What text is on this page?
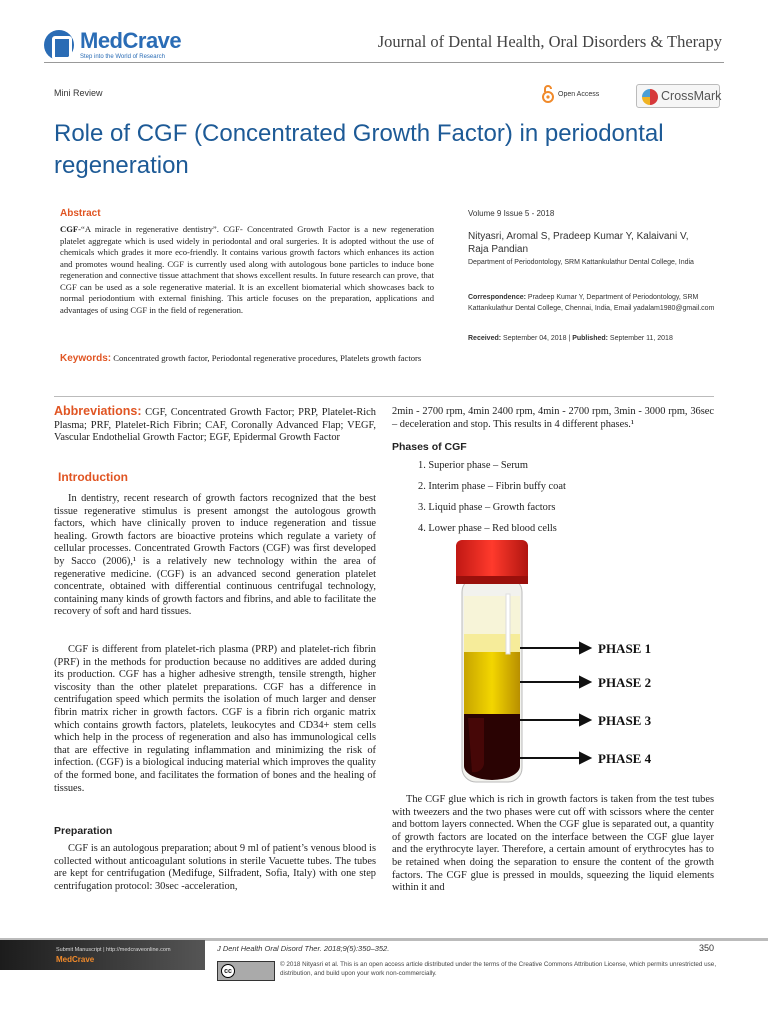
MedCrave
Step into the World of Research
Journal of Dental Health, Oral Disorders & Therapy
Mini Review	Open Access	CrossMark
Role of CGF (Concentrated Growth Factor) in periodontal regeneration
Abstract
CGF-“A miracle in regenerative dentistry”. CGF- Concentrated Growth Factor is a new regeneration platelet aggregate which is used widely in periodontal and oral surgeries. It is adopted without the use of chemicals which grades it more eco-friendly. It contains various growth factors which enhances its action and promotes wound healing. CGF is currently used along with autologous bone particles to induce bone regeneration and connective tissue attachment that shows excellent results. In future research can prove, that CGF can be used as a sole regenerative material. It is an excellent biomaterial which showcases back to normal periodontium with external finishing. This article focuses on the preparation, applications and advantages of using CGF in the field of regeneration.
Keywords: Concentrated growth factor, Periodontal regenerative procedures, Platelets growth factors
Volume 9 Issue 5 - 2018
Nityasri, Aromal S, Pradeep Kumar Y, Kalaivani V, Raja Pandian
Department of Periodontology, SRM Kattankulathur Dental College, India
Correspondence: Pradeep Kumar Y, Department of Periodontology, SRM Kattankulathur Dental College, Chennai, India, Email yadalam1980@gmail.com
Received: September 04, 2018 | Published: September 11, 2018
Abbreviations: CGF, Concentrated Growth Factor; PRP, Platelet-Rich Plasma; PRF, Platelet-Rich Fibrin; CAF, Coronally Advanced Flap; VEGF, Vascular Endothelial Growth Factor; EGF, Epidermal Growth Factor
Introduction
In dentistry, recent research of growth factors recognized that the best tissue regenerative stimulus is present amongst the autologous growth factors, which have clinically proven to induce regeneration and tissue healing. Growth factors are bioactive proteins which regulate a variety of cellular processes. Concentrated Growth Factors (CGF) was first developed by Sacco (2006),¹ is a relatively new technology within the area of regenerative medicine. (CGF) is an advanced second generation platelet concentrate, obtained with differential continuous centrifugal technology, containing many kinds of growth factors and fibrins, and able to facilitate the recovery of soft and hard tissues.
CGF is different from platelet-rich plasma (PRP) and platelet-rich fibrin (PRF) in the methods for production because no additives are added during its production. CGF has a higher adhesive strength, tensile strength, higher viscosity than the other platelet preparations. CGF has a difference in centrifugation speed which permits the isolation of much larger and denser fibrin matrix richer in growth factors. CGF is a fibrin rich organic matrix which contains growth factors, platelets, leukocytes and CD34+ stem cells which help in the process of regeneration and also has immunological cells that are effective in regulating inflammation and minimizing the risk of infection. (CGF) is a biological inducing material which improves the quality of the formed bone, and facilitates the formation of bones and the healing of tissues.
Preparation
CGF is an autologous preparation; about 9 ml of patient’s venous blood is collected without anticoagulant solutions in sterile Vacuette tubes. The tubes are kept for centrifugation (Medifuge, Silfradent, Sofia, Italy) with one step centrifugation protocol: 30sec -acceleration,
2min - 2700 rpm, 4min 2400 rpm, 4min - 2700 rpm, 3min - 3000 rpm, 36sec – deceleration and stop. This results in 4 different phases.¹
Phases of CGF
1. Superior phase – Serum
2. Interim phase – Fibrin buffy coat
3. Liquid phase – Growth factors
4. Lower phase – Red blood cells
PHASE 1
PHASE 2
PHASE 3
PHASE 4
The CGF glue which is rich in growth factors is taken from the test tubes with tweezers and the two phases were cut off with scissors where the center and bottom layers connected. When the CGF glue is separated out, a quantity of growth factors are located on the interface between the CGF glue layer and the erythrocyte layer. Therefore, a certain amount of erythrocytes has to be retained when doing the separation to ensure the content of the growth factors. The CGF glue is pressed in moulds, squeezing the liquid elements within it and
Submit Manuscript | http://medcraveonline.com
MedCrave
J Dent Health Oral Disord Ther. 2018;9(5):350–352.	350
cc
© 2018 Nityasri et al. This is an open access article distributed under the terms of the Creative Commons Attribution License, which permits unrestricted use, distribution, and build upon your work non-commercially.
